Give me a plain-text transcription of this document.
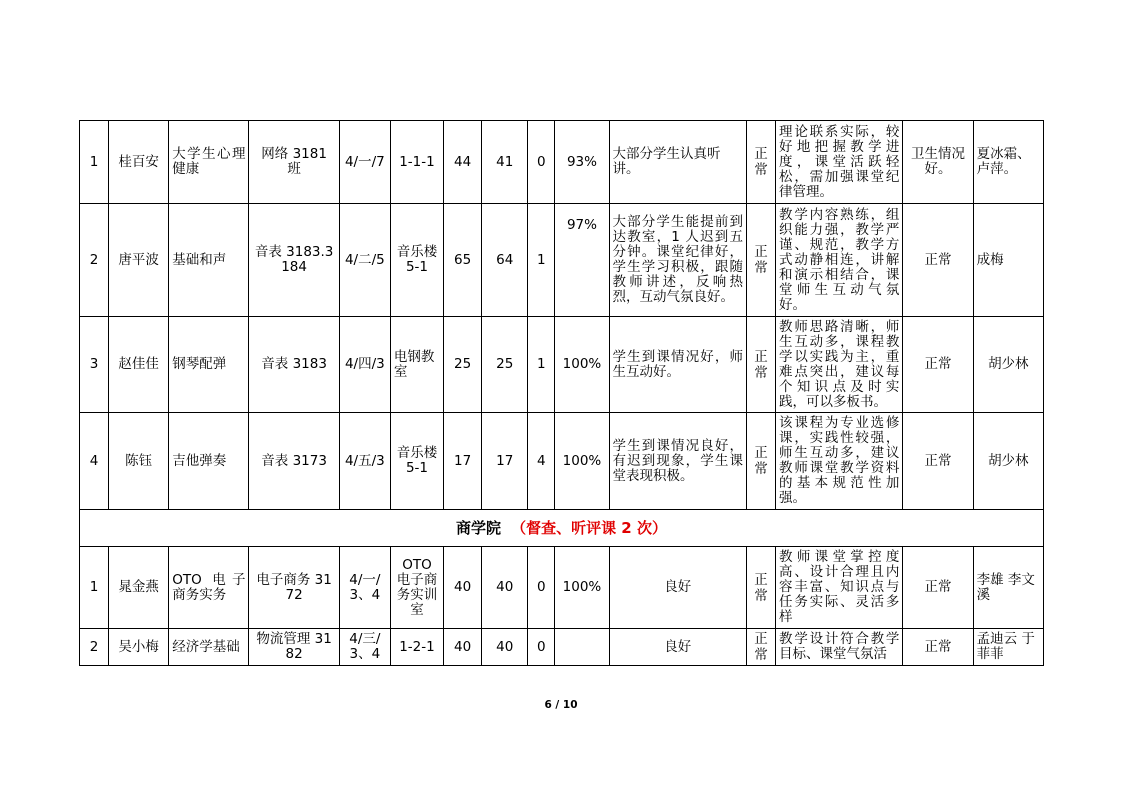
1	桂百安	大学生心理健康	网络 3181 班	4/一/7	1-1-1	44	41	0	93%	大部分学生认真听讲。	正常	理论联系实际，较好地把握教学进度，课堂活跃轻松，需加强课堂纪律管理。	卫生情况好。	夏冰霜、卢萍。
2	唐平波	基础和声	音表 3183.3184	4/二/5	音乐楼 5-1	65	64	1	97%	大部分学生能提前到达教室，1 人迟到五分钟。课堂纪律好，学生学习积极，跟随教师讲述，反响热烈，互动气氛良好。	正常	教学内容熟练，组织能力强，教学严谨、规范，教学方式动静相连，讲解和演示相结合，课堂师生互动气氛好。	正常	成梅
3	赵佳佳	钢琴配弹	音表 3183	4/四/3	电钢教室	25	25	1	100%	学生到课情况好，师生互动好。	正常	教师思路清晰，师生互动多，课程教学以实践为主，重难点突出，建议每个知识点及时实践，可以多板书。	正常	胡少林
4	陈钰	吉他弹奏	音表 3173	4/五/3	音乐楼 5-1	17	17	4	100%	学生到课情况良好，有迟到现象，学生课堂表现积极。	正常	该课程为专业选修课，实践性较强，师生互动多，建议教师课堂教学资料的基本规范性加强。	正常	胡少林
商学院 （督查、听评课 2 次）														
1	晁金燕	OTO 电子商务实务	电子商务 3172	4/一/3、4	OTO 电子商务实训室	40	40	0	100%	良好	正常	教师课堂掌控度高、设计合理且内容丰富、知识点与任务实际、灵活多样	正常	李雄 李文溪
2	吴小梅	经济学基础	物流管理 3182	4/三/3、4	1-2-1	40	40	0		良好	正常	教学设计符合教学目标、课堂气氛活	正常	孟迪云 于菲菲
6 / 10
